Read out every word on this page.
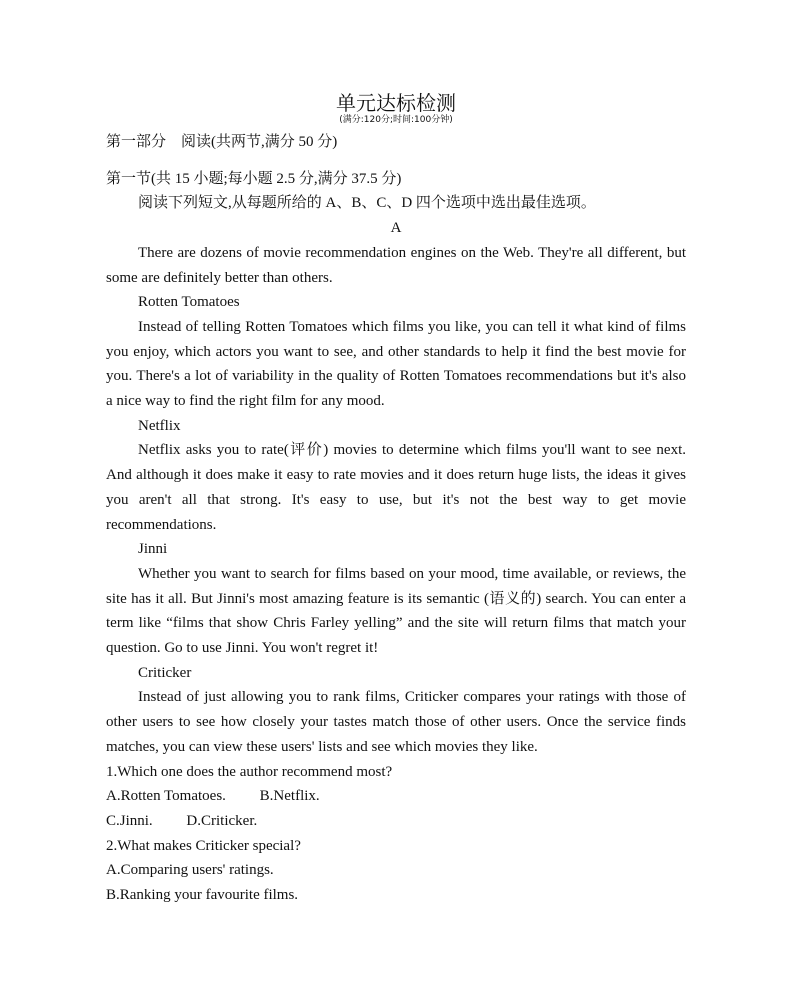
单元达标检测
(满分:120分;时间:100分钟)

第一部分　阅读(共两节,满分 50 分)

第一节(共 15 小题;每小题 2.5 分,满分 37.5 分)

阅读下列短文,从每题所给的 A、B、C、D 四个选项中选出最佳选项。

A

There are dozens of movie recommendation engines on the Web. They're all different, but some are definitely better than others.

Rotten Tomatoes

Instead of telling Rotten Tomatoes which films you like, you can tell it what kind of films you enjoy, which actors you want to see, and other standards to help it find the best movie for you. There's a lot of variability in the quality of Rotten Tomatoes recommendations but it's also a nice way to find the right film for any mood.

Netflix

Netflix asks you to rate(评价) movies to determine which films you'll want to see next. And although it does make it easy to rate movies and it does return huge lists, the ideas it gives you aren't all that strong. It's easy to use, but it's not the best way to get movie recommendations.

Jinni

Whether you want to search for films based on your mood, time available, or reviews, the site has it all. But Jinni's most amazing feature is its semantic (语义的) search. You can enter a term like “films that show Chris Farley yelling” and the site will return films that match your question. Go to use Jinni. You won't regret it!

Criticker

Instead of just allowing you to rank films, Criticker compares your ratings with those of other users to see how closely your tastes match those of other users. Once the service finds matches, you can view these users' lists and see which movies they like.

1.Which one does the author recommend most?

A.Rotten Tomatoes.         B.Netflix.

C.Jinni.         D.Criticker.

2.What makes Criticker special?

A.Comparing users' ratings.

B.Ranking your favourite films.
